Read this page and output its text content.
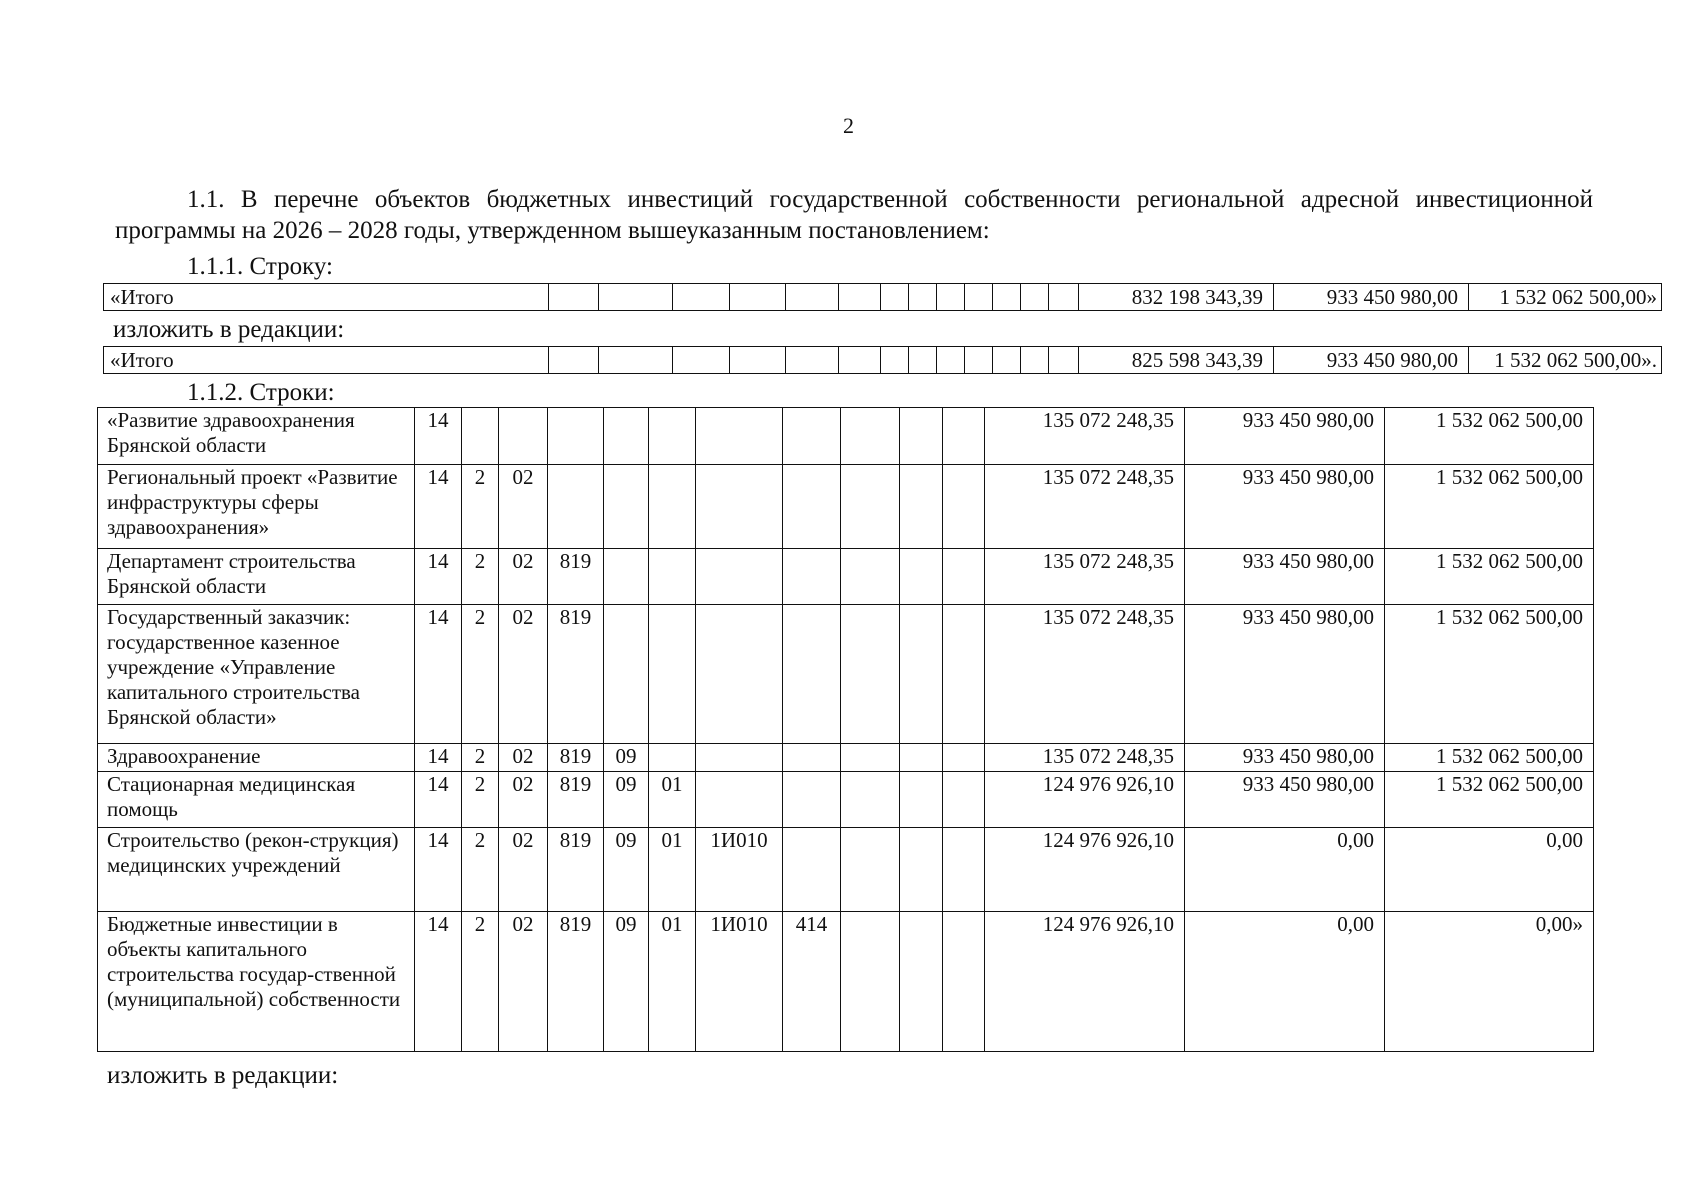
2

1.1. В перечне объектов бюджетных инвестиций государственной собственности региональной адресной инвестиционной программы на 2026 – 2028 годы, утвержденном вышеуказанным постановлением:

1.1.1. Строку:

«Итого														832 198 343,39	933 450 980,00	1 532 062 500,00»

изложить в редакции:

«Итого														825 598 343,39	933 450 980,00	1 532 062 500,00».

1.1.2. Строки:

«Развитие здравоохранения Брянской области	14											135 072 248,35	933 450 980,00	1 532 062 500,00
Региональный проект «Развитие инфраструктуры сферы здравоохранения»	14	2	02									135 072 248,35	933 450 980,00	1 532 062 500,00
Департамент строительства Брянской области	14	2	02	819								135 072 248,35	933 450 980,00	1 532 062 500,00
Государственный заказчик: государственное казенное учреждение «Управление капитального строительства Брянской области»	14	2	02	819								135 072 248,35	933 450 980,00	1 532 062 500,00
Здравоохранение	14	2	02	819	09							135 072 248,35	933 450 980,00	1 532 062 500,00
Стационарная медицинская помощь	14	2	02	819	09	01						124 976 926,10	933 450 980,00	1 532 062 500,00
Строительство (рекон-струкция) медицинских учреждений	14	2	02	819	09	01	1И010					124 976 926,10	0,00	0,00
Бюджетные инвестиции в объекты капитального строительства государ-ственной (муниципальной) собственности	14	2	02	819	09	01	1И010	414				124 976 926,10	0,00	0,00»

изложить в редакции:
